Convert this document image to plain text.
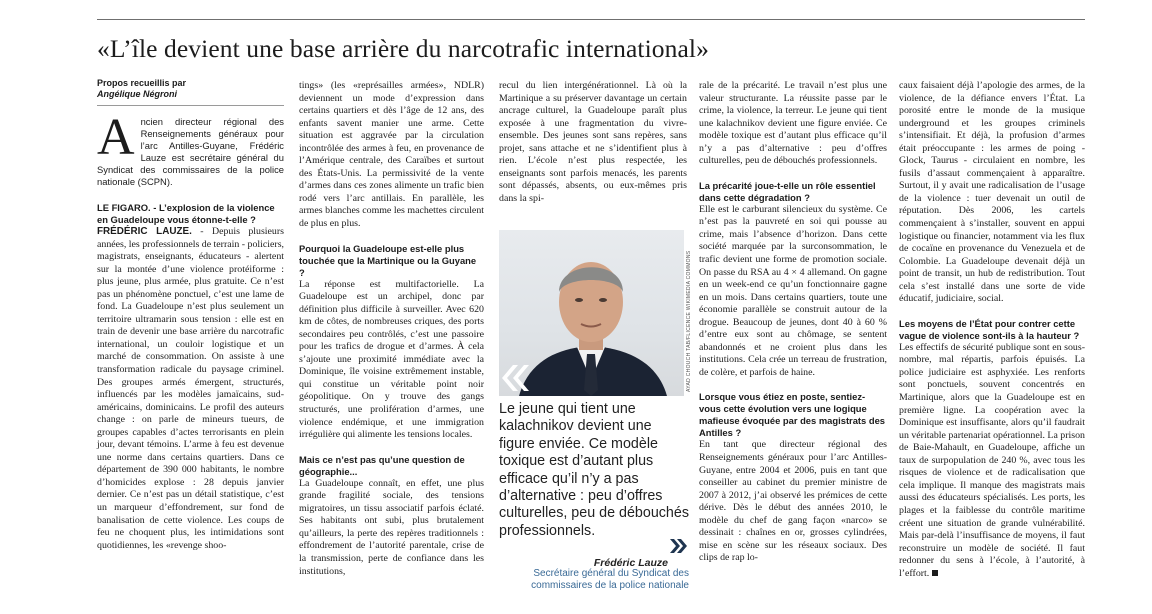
«L’île devient une base arrière du narcotrafic international»
Propos recueillis par
Angélique Négroni

Ancien directeur régional des Renseignements généraux pour l’arc Antilles-Guyane, Frédéric Lauze est secrétaire général du Syndicat des commissaires de la police nationale (SCPN).

LE FIGARO. - L’explosion de la violence en Guadeloupe vous étonne-t-elle ?

FRÉDÉRIC LAUZE. - Depuis plusieurs années, les professionnels de terrain - policiers, magistrats, enseignants, éducateurs - alertent sur la montée d’une violence protéiforme : plus jeune, plus armée, plus gratuite. Ce n’est pas un phénomène ponctuel, c’est une lame de fond. La Guadeloupe n’est plus seulement un territoire ultramarin sous tension : elle est en train de devenir une base arrière du narcotrafic international, un couloir logistique et un marché de consommation. On assiste à une transformation radicale du paysage criminel. Des groupes armés émergent, structurés, influencés par les modèles jamaïcains, sud-américains, dominicains. Le profil des auteurs change : on parle de mineurs tueurs, de groupes capables d’actes terrorisants en plein jour, devant témoins. L’arme à feu est devenue une norme dans certains quartiers. Dans ce département de 390 000 habitants, le nombre d’homicides explose : 28 depuis janvier dernier. Ce n’est pas un détail statistique, c’est un marqueur d’effondrement, sur fond de banalisation de cette violence. Les coups de feu ne choquent plus, les intimidations sont quotidiennes, les «revenge shoo-

tings» (les «représailles armées», NDLR) deviennent un mode d’expression dans certains quartiers et dès l’âge de 12 ans, des enfants savent manier une arme. Cette situation est aggravée par la circulation incontrôlée des armes à feu, en provenance de l’Amérique centrale, des Caraïbes et surtout des États-Unis. La permissivité de la vente d’armes dans ces zones alimente un trafic bien rodé vers l’arc antillais. En parallèle, les armes blanches comme les machettes circulent de plus en plus.

Pourquoi la Guadeloupe est-elle plus touchée que la Martinique ou la Guyane ?

La réponse est multifactorielle. La Guadeloupe est un archipel, donc par définition plus difficile à surveiller. Avec 620 km de côtes, de nombreuses criques, des ports secondaires peu contrôlés, c’est une passoire pour les trafics de drogue et d’armes. À cela s’ajoute une proximité immédiate avec la Dominique, île voisine extrêmement instable, qui constitue un véritable point noir géopolitique. On y trouve des gangs structurés, une prolifération d’armes, une violence endémique, et une immigration irrégulière qui alimente les tensions locales.

Mais ce n’est pas qu’une question de géographie...

La Guadeloupe connaît, en effet, une plus grande fragilité sociale, des tensions migratoires, un tissu associatif parfois éclaté. Ses habitants ont subi, plus brutalement qu’ailleurs, la perte des repères traditionnels : effondrement de l’autorité parentale, crise de la transmission, perte de confiance dans les institutions,

recul du lien intergénérationnel. Là où la Martinique a su préserver davantage un certain ancrage culturel, la Guadeloupe paraît plus exposée à une fragmentation du vivre-ensemble. Des jeunes sont sans repères, sans projet, sans attache et ne s’identifient plus à rien. L’école n’est plus respectée, les enseignants sont parfois menacés, les parents sont dépassés, absents, ou eux-mêmes pris dans la spi-

AYAD CHOUCH TAB/FLICENCE WIKIMEDIA COMMONS
Le jeune qui tient une kalachnikov devient une figure enviée. Ce modèle toxique est d’autant plus efficace qu’il n’y a pas d’alternative : peu d’offres culturelles, peu de débouchés professionnels.
Frédéric Lauze
Secrétaire général du Syndicat des commissaires de la police nationale

rale de la précarité. Le travail n’est plus une valeur structurante. La réussite passe par le crime, la violence, la terreur. Le jeune qui tient une kalachnikov devient une figure enviée. Ce modèle toxique est d’autant plus efficace qu’il n’y a pas d’alternative : peu d’offres culturelles, peu de débouchés professionnels.

La précarité joue-t-elle un rôle essentiel dans cette dégradation ?

Elle est le carburant silencieux du système. Ce n’est pas la pauvreté en soi qui pousse au crime, mais l’absence d’horizon. Dans cette société marquée par la surconsommation, le trafic devient une forme de promotion sociale. On passe du RSA au 4 × 4 allemand. On gagne en un week-end ce qu’un fonctionnaire gagne en un mois. Dans certains quartiers, toute une économie parallèle se construit autour de la drogue. Beaucoup de jeunes, dont 40 à 60 % d’entre eux sont au chômage, se sentent abandonnés et ne croient plus dans les institutions. Cela crée un terreau de frustration, de colère, et parfois de haine.

Lorsque vous étiez en poste, sentiez-vous cette évolution vers une logique mafieuse évoquée par des magistrats des Antilles ?

En tant que directeur régional des Renseignements généraux pour l’arc Antilles-Guyane, entre 2004 et 2006, puis en tant que conseiller au cabinet du premier ministre de 2007 à 2012, j’ai observé les prémices de cette dérive. Dès le début des années 2010, le modèle du chef de gang façon «narco» se dessinait : chaînes en or, grosses cylindrées, mise en scène sur les réseaux sociaux. Des clips de rap lo-

caux faisaient déjà l’apologie des armes, de la violence, de la défiance envers l’État. La porosité entre le monde de la musique underground et les groupes criminels s’intensifiait. Et déjà, la profusion d’armes était préoccupante : les armes de poing - Glock, Taurus - circulaient en nombre, les fusils d’assaut commençaient à apparaître. Surtout, il y avait une radicalisation de l’usage de la violence : tuer devenait un outil de réputation. Dès 2006, les cartels commençaient à s’installer, souvent en appui logistique ou financier, notamment via les flux de cocaïne en provenance du Venezuela et de Colombie. La Guadeloupe devenait déjà un point de transit, un hub de redistribution. Tout cela s’est installé dans une sorte de vide éducatif, judiciaire, social.

Les moyens de l’État pour contrer cette vague de violence sont-ils à la hauteur ?

Les effectifs de sécurité publique sont en sous-nombre, mal répartis, parfois épuisés. La police judiciaire est asphyxiée. Les renforts sont ponctuels, souvent concentrés en Martinique, alors que la Guadeloupe est en première ligne. La coopération avec la Dominique est insuffisante, alors qu’il faudrait un véritable partenariat opérationnel. La prison de Baie-Mahault, en Guadeloupe, affiche un taux de surpopulation de 240 %, avec tous les risques de violence et de radicalisation que cela implique. Il manque des magistrats mais aussi des éducateurs spécialisés. Les ports, les plages et la faiblesse du contrôle maritime créent une situation de grande vulnérabilité. Mais par-delà l’insuffisance de moyens, il faut reconstruire un modèle de société. Il faut redonner du sens à l’école, à l’autorité, à l’effort.
